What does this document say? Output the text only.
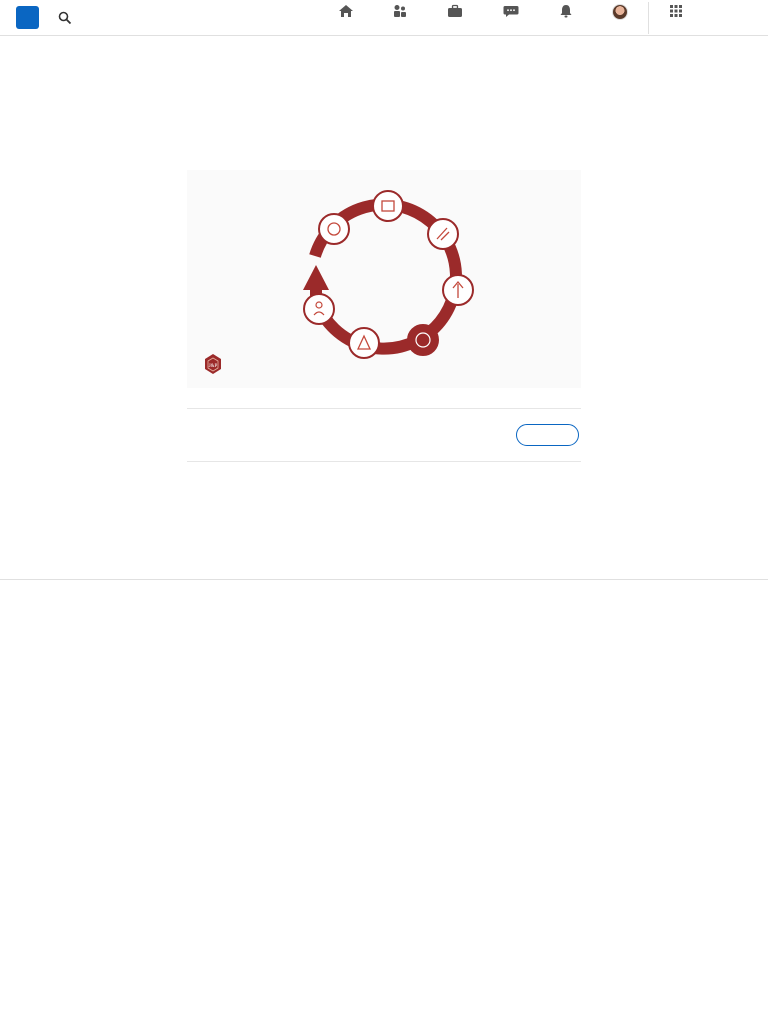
J&P
